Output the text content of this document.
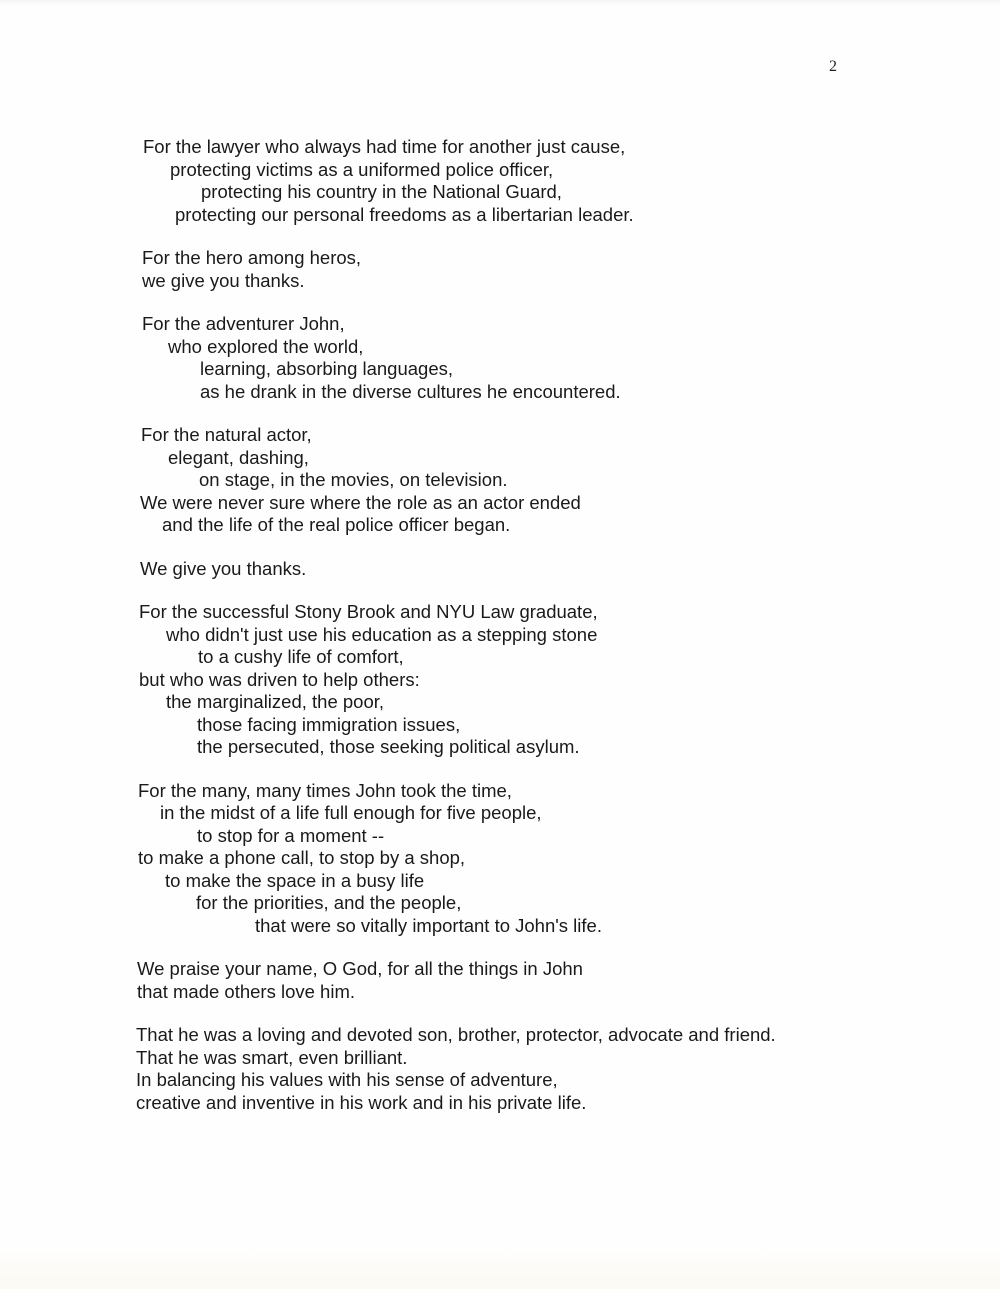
2
For the lawyer who always had time for another just cause,
protecting victims as a uniformed police officer,
protecting his country in the National Guard,
protecting our personal freedoms as a libertarian leader.
For the hero among heros,
we give you thanks.
For the adventurer John,
who explored the world,
learning, absorbing languages,
as he drank in the diverse cultures he encountered.
For the natural actor,
elegant, dashing,
on stage, in the movies, on television.
We were never sure where the role as an actor ended
and the life of the real police officer began.
We give you thanks.
For the successful Stony Brook and NYU Law graduate,
who didn't just use his education as a stepping stone
to a cushy life of comfort,
but who was driven to help others:
the marginalized, the poor,
those facing immigration issues,
the persecuted, those seeking political asylum.
For the many, many times John took the time,
in the midst of a life full enough for five people,
to stop for a moment --
to make a phone call, to stop by a shop,
to make the space in a busy life
for the priorities, and the people,
that were so vitally important to John's life.
We praise your name, O God, for all the things in John
that made others love him.
That he was a loving and devoted son, brother, protector, advocate and friend.
That he was smart, even brilliant.
In balancing his values with his sense of adventure,
creative and inventive in his work and in his private life.
